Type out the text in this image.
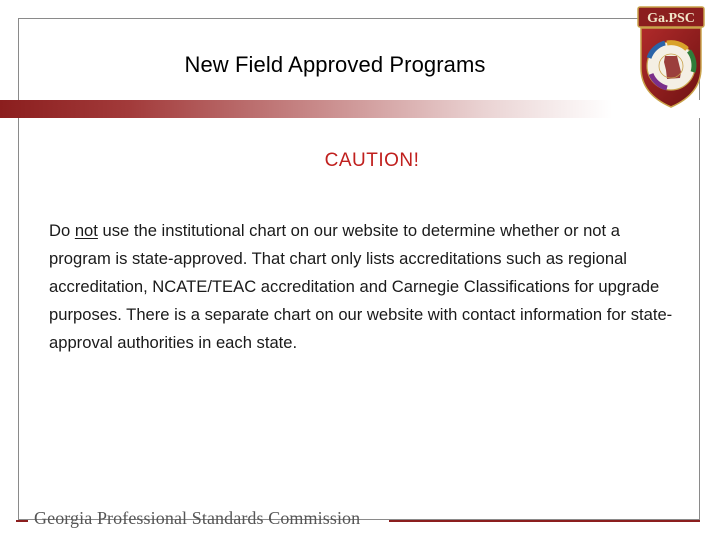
New Field Approved Programs
Ga.PSC
CAUTION!
Do not use the institutional chart on our website to determine whether or not a program is state-approved. That chart only lists accreditations such as regional accreditation, NCATE/TEAC accreditation and Carnegie Classifications for upgrade purposes. There is a separate chart on our website with contact information for state-approval authorities in each state.
Georgia Professional Standards Commission
